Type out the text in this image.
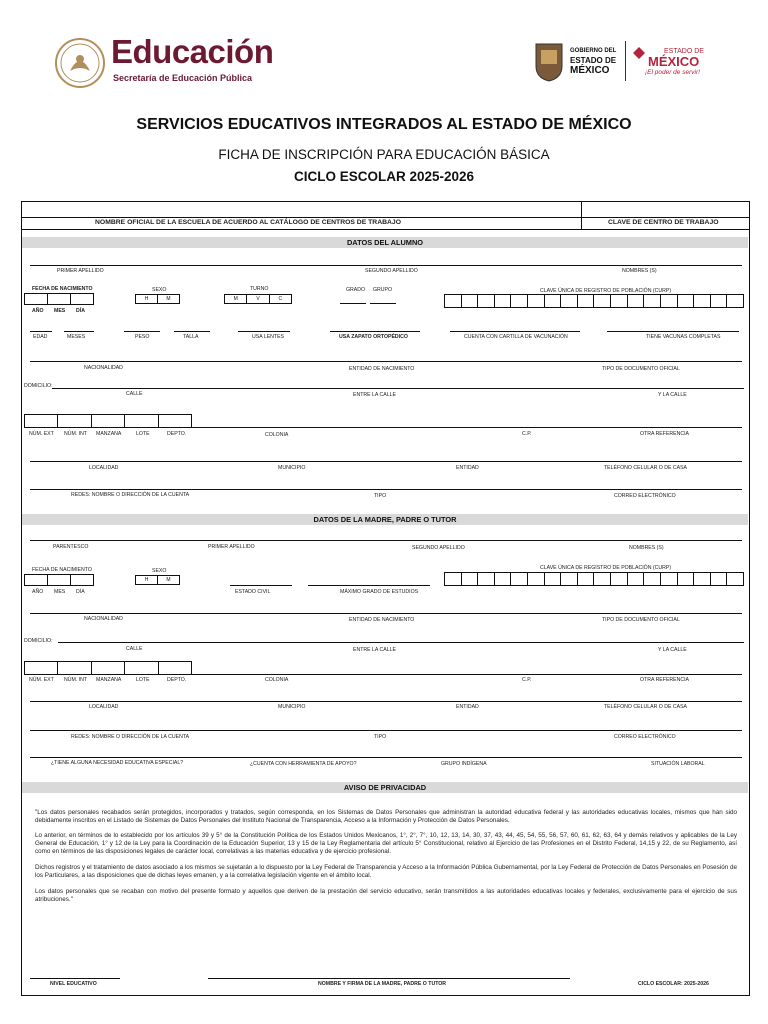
Educación
Secretaría de Educación Pública
GOBIERNO DEL
ESTADO DE
MÉXICO
ESTADO DE
MÉXICO
¡El poder de servir!
SERVICIOS EDUCATIVOS INTEGRADOS AL ESTADO DE MÉXICO
FICHA DE INSCRIPCIÓN PARA EDUCACIÓN BÁSICA
CICLO ESCOLAR 2025-2026
NOMBRE OFICIAL DE LA ESCUELA DE ACUERDO AL CATÁLOGO DE CENTROS DE TRABAJO	CLAVE DE CENTRO DE TRABAJO
DATOS DEL ALUMNO
PRIMER APELLIDO	SEGUNDO APELLIDO	NOMBRES (S)
FECHA DE NACIMIENTO	SEXO	TURNO	GRADO GRUPO	CLAVE ÚNICA DE REGISTRO DE POBLACIÓN (CURP)
H	M	M	V	C
AÑO MES DÍA
EDAD	MESES	PESO	TALLA	USA LENTES	USA ZAPATO ORTOPÉDICO	CUENTA CON CARTILLA DE VACUNACIÓN	TIENE VACUNAS COMPLETAS
NACIONALIDAD	ENTIDAD DE NACIMIENTO	TIPO DE DOCUMENTO OFICIAL
DOMICILIO:
CALLE	ENTRE LA CALLE	Y LA CALLE
NÚM. EXT NÚM. INT MANZANA	LOTE	DEPTO.	COLONIA	C.P.	OTRA REFERENCIA
LOCALIDAD	MUNICIPIO	ENTIDAD	TELÉFONO CELULAR O DE CASA
REDES: NOMBRE O DIRECCIÓN DE LA CUENTA	TIPO	CORREO ELECTRÓNICO
DATOS DE LA MADRE, PADRE O TUTOR
PARENTESCO	PRIMER APELLIDO	SEGUNDO APELLIDO	NOMBRES (S)
FECHA DE NACIMIENTO	SEXO	CLAVE ÚNICA DE REGISTRO DE POBLACIÓN (CURP)
H	M
AÑO MES DÍA	ESTADO CIVIL	MÁXIMO GRADO DE ESTUDIOS
NACIONALIDAD	ENTIDAD DE NACIMIENTO	TIPO DE DOCUMENTO OFICIAL
DOMICILIO:
CALLE	ENTRE LA CALLE	Y LA CALLE
NÚM. EXT NÚM. INT MANZANA	LOTE	DEPTO.	COLONIA	C.P.	OTRA REFERENCIA
LOCALIDAD	MUNICIPIO	ENTIDAD	TELÉFONO CELULAR O DE CASA
REDES: NOMBRE O DIRECCIÓN DE LA CUENTA	TIPO	CORREO ELECTRÓNICO
¿TIENE ALGUNA NECESIDAD EDUCATIVA ESPECIAL?	¿CUENTA CON HERRAMIENTA DE APOYO?	GRUPO INDÍGENA	SITUACIÓN LABORAL
AVISO DE PRIVACIDAD
"Los datos personales recabados serán protegidos, incorporados y tratados, según corresponda, en los Sistemas de Datos Personales que administran la autoridad educativa federal y las autoridades educativas locales, mismos que han sido debidamente inscritos en el Listado de Sistemas de Datos Personales del Instituto Nacional de Transparencia, Acceso a la Información y Protección de Datos Personales.
Lo anterior, en términos de lo establecido por los artículos 39 y 5° de la Constitución Política de los Estados Unidos Mexicanos, 1°, 2°, 7°, 10, 12, 13, 14, 30, 37, 43, 44, 45, 54, 55, 56, 57, 60, 61, 62, 63, 64 y demás relativos y aplicables de la Ley General de Educación, 1° y 12 de la Ley para la Coordinación de la Educación Superior, 13 y 15 de la Ley Reglamentaria del artículo 5° Constitucional, relativo al Ejercicio de las Profesiones en el Distrito Federal, 14,15 y 22, de su Reglamento, así como en términos de las disposiciones legales de carácter local, correlativas a las materias educativa y de ejercicio profesional.
Dichos registros y el tratamiento de datos asociado a los mismos se sujetarán a lo dispuesto por la Ley Federal de Transparencia y Acceso a la Información Pública Gubernamental, por la Ley Federal de Protección de Datos Personales en Posesión de los Particulares, a las disposiciones que de dichas leyes emanen, y a la correlativa legislación vigente en el ámbito local.
Los datos personales que se recaban con motivo del presente formato y aquellos que deriven de la prestación del servicio educativo, serán transmitidos a las autoridades educativas locales y federales, exclusivamente para el ejercicio de sus atribuciones."
NIVEL EDUCATIVO	NOMBRE Y FIRMA DE LA MADRE, PADRE O TUTOR	CICLO ESCOLAR: 2025-2026
